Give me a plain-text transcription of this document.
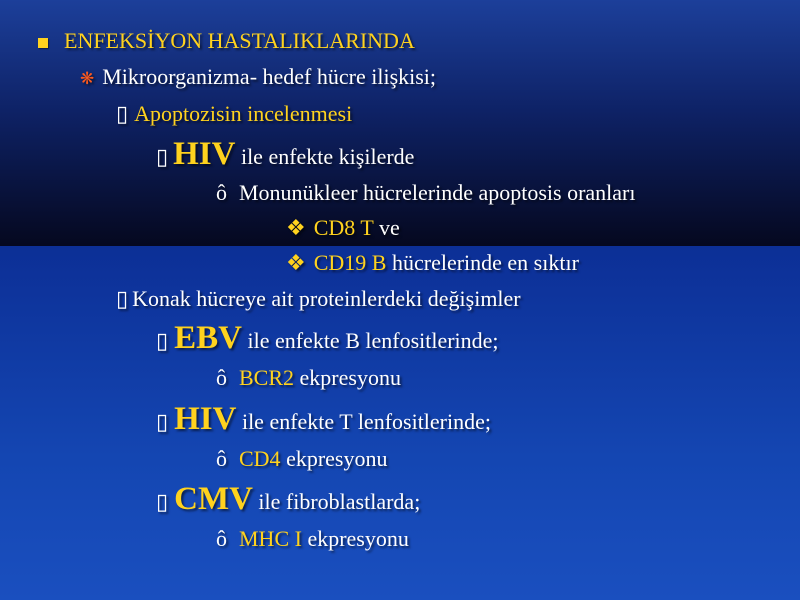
ENFEKSİYON HASTALIKLARINDA
❋ Mikroorganizma- hedef hücre ilişkisi;
▯ Apoptozisin incelenmesi
▯ HIV ile enfekte kişilerde
ô Monunükleer hücrelerinde apoptosis oranları
❖ CD8 T ve
❖ CD19 B hücrelerinde en sıktır
▯ Konak hücreye ait proteinlerdeki değişimler
▯ EBV ile enfekte B lenfositlerinde;
ô BCR2 ekpresyonu
▯ HIV ile enfekte T lenfositlerinde;
ô CD4 ekpresyonu
▯ CMV ile fibroblastlarda;
ô MHC I ekpresyonu
